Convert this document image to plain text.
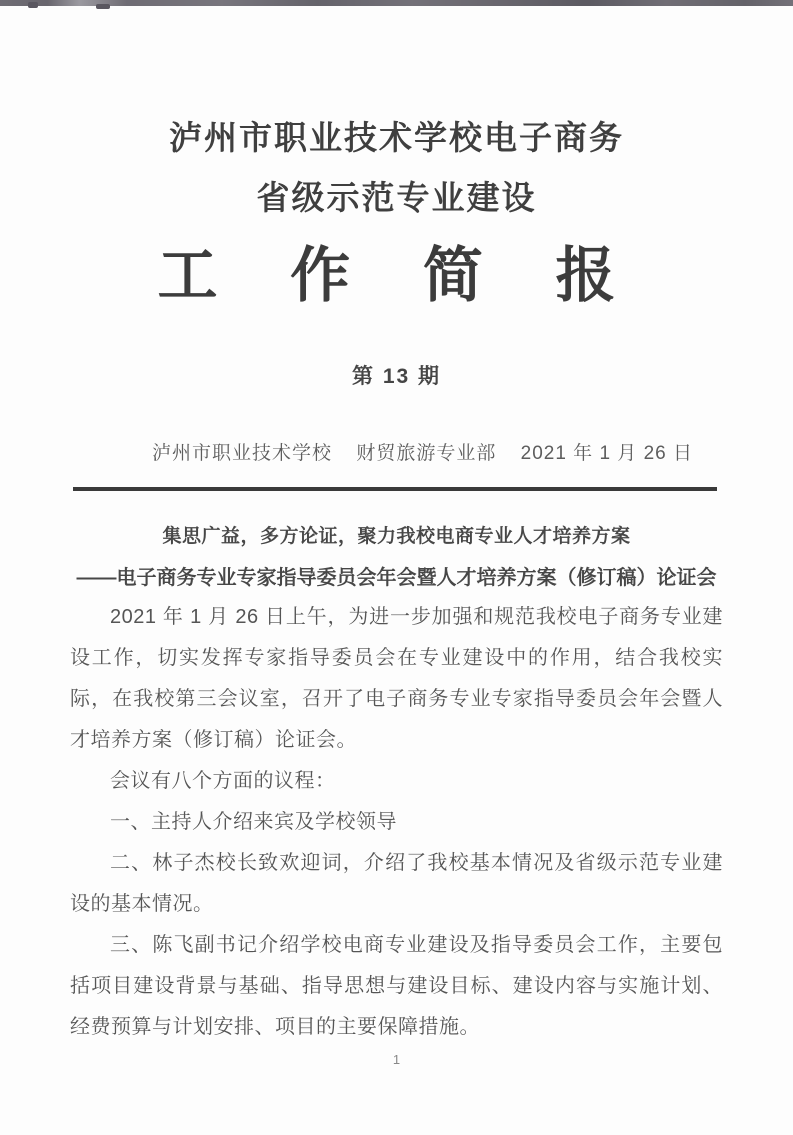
泸州市职业技术学校电子商务
省级示范专业建设
工 作 简 报
第 13 期
泸州市职业技术学校 财贸旅游专业部 2021 年 1 月 26 日
集思广益，多方论证，聚力我校电商专业人才培养方案
——电子商务专业专家指导委员会年会暨人才培养方案（修订稿）论证会

2021 年 1 月 26 日上午，为进一步加强和规范我校电子商务专业建设工作，切实发挥专家指导委员会在专业建设中的作用，结合我校实际，在我校第三会议室，召开了电子商务专业专家指导委员会年会暨人才培养方案（修订稿）论证会。

会议有八个方面的议程：

一、主持人介绍来宾及学校领导

二、林子杰校长致欢迎词，介绍了我校基本情况及省级示范专业建设的基本情况。

三、陈飞副书记介绍学校电商专业建设及指导委员会工作，主要包括项目建设背景与基础、指导思想与建设目标、建设内容与实施计划、经费预算与计划安排、项目的主要保障措施。

1
